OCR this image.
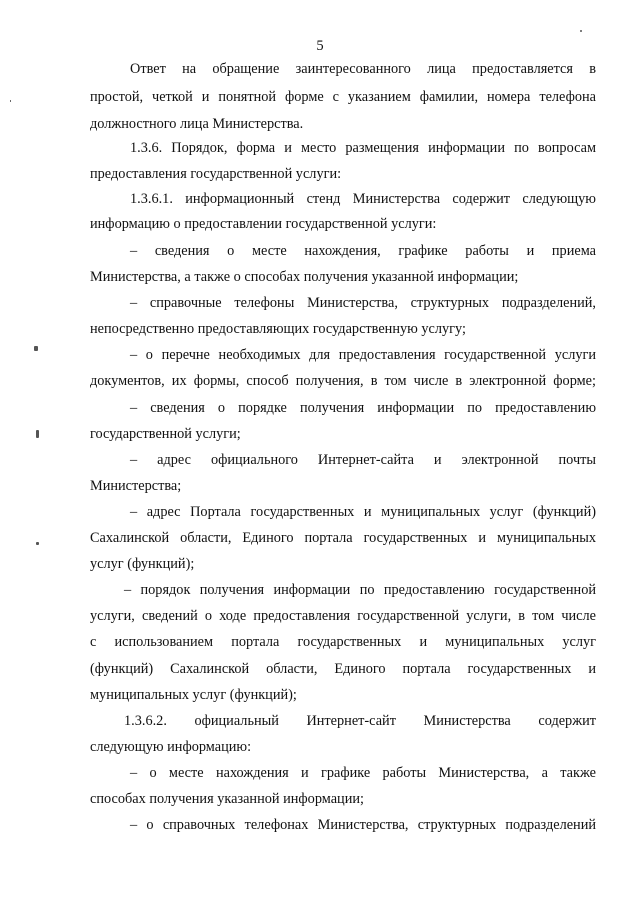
5
Ответ на обращение заинтересованного лица предоставляется в
простой, четкой и понятной форме с указанием фамилии, номера телефона
должностного лица Министерства.
1.3.6. Порядок, форма и место размещения информации по вопросам
предоставления государственной услуги:
1.3.6.1. информационный стенд Министерства содержит следующую
информацию о предоставлении государственной услуги:
– сведения о месте нахождения, графике работы и приема
Министерства, а также о способах получения указанной информации;
– справочные телефоны Министерства, структурных подразделений,
непосредственно предоставляющих государственную услугу;
– о перечне необходимых для предоставления государственной услуги
документов, их формы, способ получения, в том числе в электронной форме;
– сведения о порядке получения информации по предоставлению
государственной услуги;
– адрес официального Интернет-сайта и электронной почты
Министерства;
– адрес Портала государственных и муниципальных услуг (функций)
Сахалинской области, Единого портала государственных и муниципальных
услуг (функций);
– порядок получения информации по предоставлению государственной
услуги, сведений о ходе предоставления государственной услуги, в том числе
с использованием портала государственных и муниципальных услуг
(функций) Сахалинской области, Единого портала государственных и
муниципальных услуг (функций);
1.3.6.2. официальный Интернет-сайт Министерства содержит
следующую информацию:
– о месте нахождения и графике работы Министерства, а также
способах получения указанной информации;
– о справочных телефонах Министерства, структурных подразделений
